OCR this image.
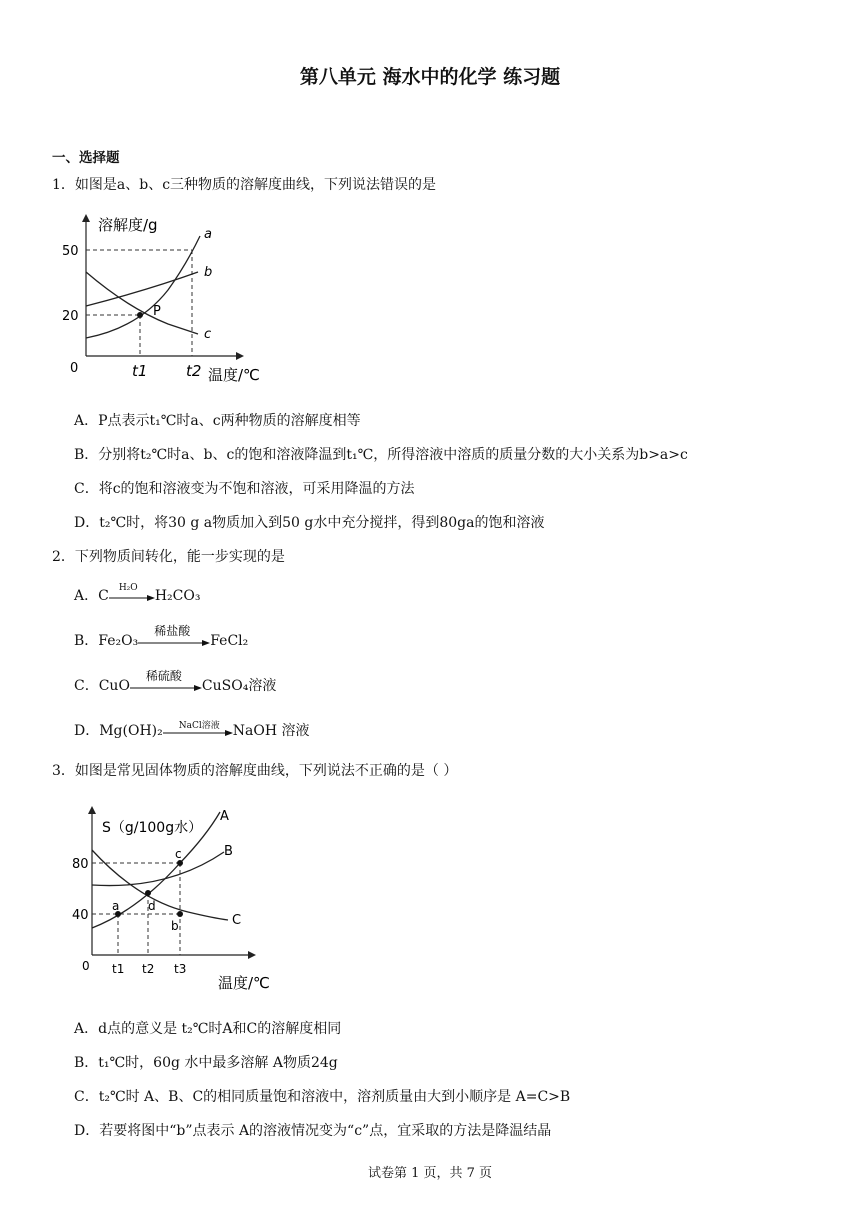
第八单元 海水中的化学 练习题
一、选择题
1．如图是a、b、c三种物质的溶解度曲线，下列说法错误的是
溶解度/g
50
20
0	t1	t2 温度/℃
a
b
c
P
A．P点表示t₁℃时a、c两种物质的溶解度相等
B．分别将t₂℃时a、b、c的饱和溶液降温到t₁℃，所得溶液中溶质的质量分数的大小关系为b>a>c
C．将c的饱和溶液变为不饱和溶液，可采用降温的方法
D．t₂℃时，将30 g a物质加入到50 g水中充分搅拌，得到80ga的饱和溶液
2．下列物质间转化，能一步实现的是
A．C H₂O H₂CO₃
B．Fe₂O₃
稀盐酸
FeCl₂
C．CuO
稀硫酸
CuSO₄溶液
D．Mg(OH)₂ NaCl溶液 NaOH 溶液
3．如图是常见固体物质的溶解度曲线，下列说法不正确的是（ ）
S（g/100g水）
80
40
0 t1 t2 t3
温度/℃
A
B
C
a
b
c
d
A．d点的意义是 t₂℃时A和C的溶解度相同
B．t₁℃时，60g 水中最多溶解 A物质24g
C．t₂℃时 A、B、C的相同质量饱和溶液中，溶剂质量由大到小顺序是 A=C>B
D．若要将图中“b”点表示 A的溶液情况变为“c”点，宜采取的方法是降温结晶
试卷第 1 页，共 7 页
